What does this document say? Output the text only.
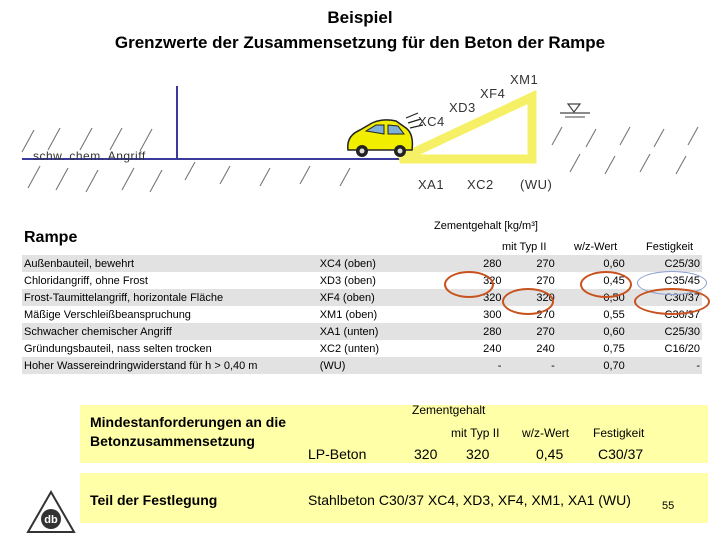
Beispiel
Grenzwerte der Zusammensetzung für den Beton der Rampe
XM1
XF4
XD3
XC4
schw. chem. Angriff
XA1 XC2 (WU)
Rampe
Zementgehalt [kg/m³]
mit Typ II	w/z-Wert	Festigkeit
Außenbauteil, bewehrt	XC4 (oben)	280	270	0,60	C25/30
Chloridangriff, ohne Frost	XD3 (oben)	320	270	0,45	C35/45
Frost-Taumittelangriff, horizontale Fläche	XF4 (oben)	320	320	0,50	C30/37
Mäßige Verschleißbeanspruchung	XM1 (oben)	300	270	0,55	C30/37
Schwacher chemischer Angriff	XA1 (unten)	280	270	0,60	C25/30
Gründungsbauteil, nass selten trocken	XC2 (unten)	240	240	0,75	C16/20
Hoher Wassereindringwiderstand für h > 0,40 m	(WU)	-	-	0,70	-
Zementgehalt
mit Typ II w/z-Wert Festigkeit
Mindestanforderungen an die
Betonzusammensetzung
LP-Beton	320 320	0,45 C30/37
Teil der Festlegung	Stahlbeton C30/37 XC4, XD3, XF4, XM1, XA1 (WU)
db
55
